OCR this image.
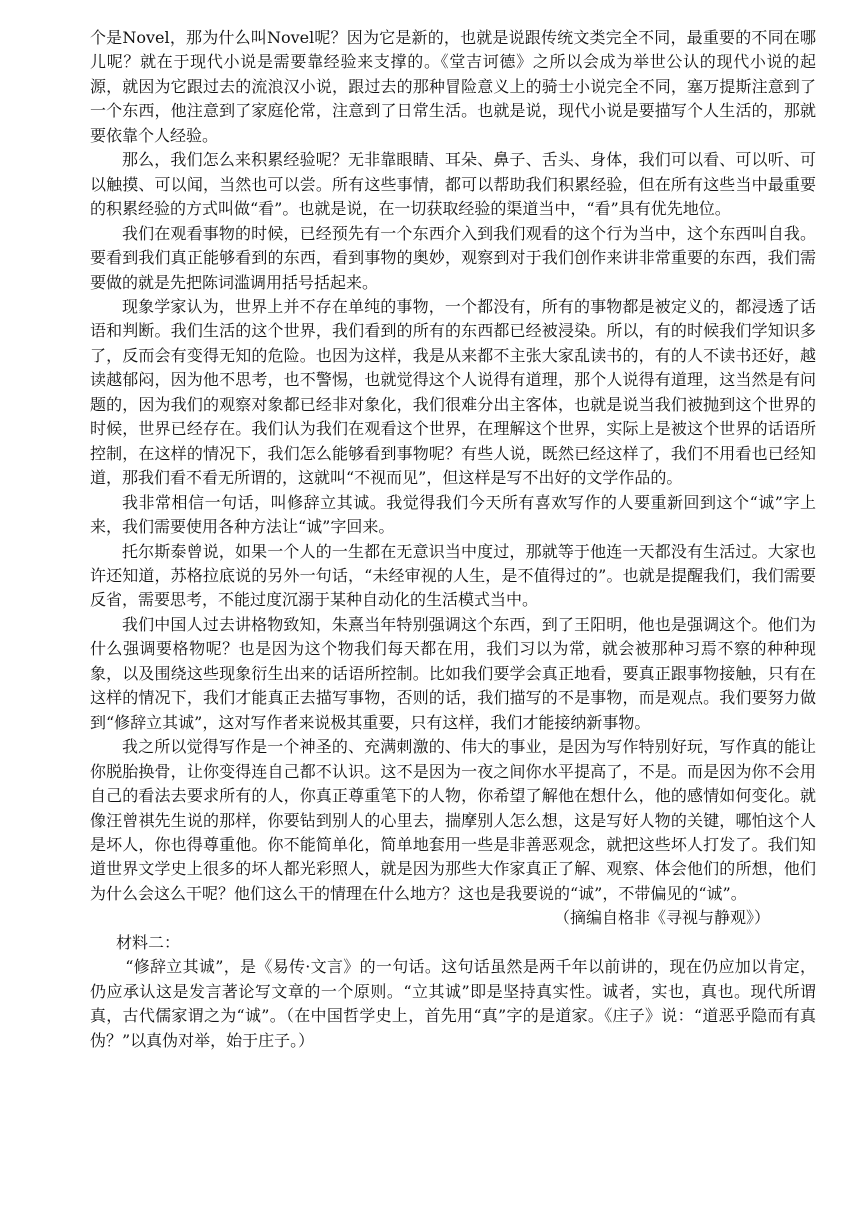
个是Novel，那为什么叫Novel呢？因为它是新的，也就是说跟传统文类完全不同，最重要的不同在哪儿呢？就在于现代小说是需要靠经验来支撑的。《堂吉诃德》之所以会成为举世公认的现代小说的起源，就因为它跟过去的流浪汉小说，跟过去的那种冒险意义上的骑士小说完全不同，塞万提斯注意到了一个东西，他注意到了家庭伦常，注意到了日常生活。也就是说，现代小说是要描写个人生活的，那就要依靠个人经验。

那么，我们怎么来积累经验呢？无非靠眼睛、耳朵、鼻子、舌头、身体，我们可以看、可以听、可以触摸、可以闻，当然也可以尝。所有这些事情，都可以帮助我们积累经验，但在所有这些当中最重要的积累经验的方式叫做“看”。也就是说，在一切获取经验的渠道当中，“看”具有优先地位。

我们在观看事物的时候，已经预先有一个东西介入到我们观看的这个行为当中，这个东西叫自我。要看到我们真正能够看到的东西，看到事物的奥妙，观察到对于我们创作来讲非常重要的东西，我们需要做的就是先把陈词滥调用括号括起来。

现象学家认为，世界上并不存在单纯的事物，一个都没有，所有的事物都是被定义的，都浸透了话语和判断。我们生活的这个世界，我们看到的所有的东西都已经被浸染。所以，有的时候我们学知识多了，反而会有变得无知的危险。也因为这样，我是从来都不主张大家乱读书的，有的人不读书还好，越读越郁闷，因为他不思考，也不警惕，也就觉得这个人说得有道理，那个人说得有道理，这当然是有问题的，因为我们的观察对象都已经非对象化，我们很难分出主客体，也就是说当我们被抛到这个世界的时候，世界已经存在。我们认为我们在观看这个世界，在理解这个世界，实际上是被这个世界的话语所控制，在这样的情况下，我们怎么能够看到事物呢？有些人说，既然已经这样了，我们不用看也已经知道，那我们看不看无所谓的，这就叫“不视而见”，但这样是写不出好的文学作品的。

我非常相信一句话，叫修辞立其诚。我觉得我们今天所有喜欢写作的人要重新回到这个“诚”字上来，我们需要使用各种方法让“诚”字回来。

托尔斯泰曾说，如果一个人的一生都在无意识当中度过，那就等于他连一天都没有生活过。大家也许还知道，苏格拉底说的另外一句话，“未经审视的人生，是不值得过的”。也就是提醒我们，我们需要反省，需要思考，不能过度沉溺于某种自动化的生活模式当中。

我们中国人过去讲格物致知，朱熹当年特别强调这个东西，到了王阳明，他也是强调这个。他们为什么强调要格物呢？也是因为这个物我们每天都在用，我们习以为常，就会被那种习焉不察的种种现象，以及围绕这些现象衍生出来的话语所控制。比如我们要学会真正地看，要真正跟事物接触，只有在这样的情况下，我们才能真正去描写事物，否则的话，我们描写的不是事物，而是观点。我们要努力做到“修辞立其诚”，这对写作者来说极其重要，只有这样，我们才能接纳新事物。

我之所以觉得写作是一个神圣的、充满刺激的、伟大的事业，是因为写作特别好玩，写作真的能让你脱胎换骨，让你变得连自己都不认识。这不是因为一夜之间你水平提高了，不是。而是因为你不会用自己的看法去要求所有的人，你真正尊重笔下的人物，你希望了解他在想什么，他的感情如何变化。就像汪曾祺先生说的那样，你要钻到别人的心里去，揣摩别人怎么想，这是写好人物的关键，哪怕这个人是坏人，你也得尊重他。你不能简单化，简单地套用一些是非善恶观念，就把这些坏人打发了。我们知道世界文学史上很多的坏人都光彩照人，就是因为那些大作家真正了解、观察、体会他们的所想，他们为什么会这么干呢？他们这么干的情理在什么地方？这也是我要说的“诚”，不带偏见的“诚”。

（摘编自格非《寻视与静观》）

材料二：

“修辞立其诚”，是《易传·文言》的一句话。这句话虽然是两千年以前讲的，现在仍应加以肯定，仍应承认这是发言著论写文章的一个原则。“立其诚”即是坚持真实性。诚者，实也，真也。现代所谓真，古代儒家谓之为“诚”。（在中国哲学史上，首先用“真”字的是道家。《庄子》说：“道恶乎隐而有真伪？”以真伪对举，始于庄子。）
